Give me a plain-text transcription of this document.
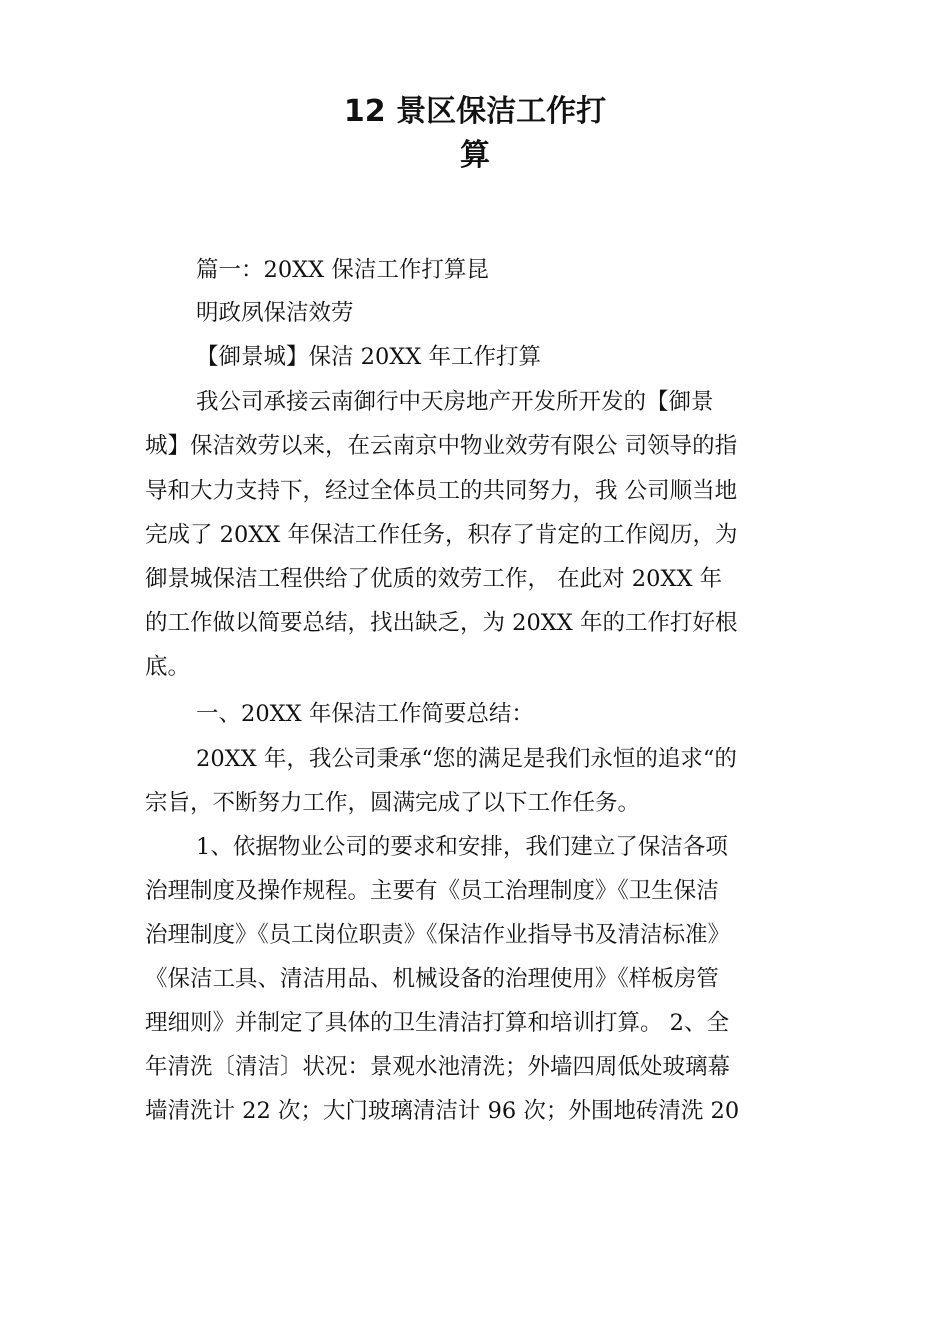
12 景区保洁工作打
算

篇一：20XX 保洁工作打算昆

明政夙保洁效劳

【御景城】保洁 20XX 年工作打算

我公司承接云南御行中天房地产开发所开发的【御景

城】保洁效劳以来，在云南京中物业效劳有限公 司领导的指

导和大力支持下，经过全体员工的共同努力，我 公司顺当地

完成了 20XX 年保洁工作任务，积存了肯定的工作阅历，为

御景城保洁工程供给了优质的效劳工作， 在此对 20XX 年

的工作做以简要总结，找出缺乏，为 20XX 年的工作打好根

底。

一、20XX 年保洁工作简要总结：

20XX 年，我公司秉承“您的满足是我们永恒的追求“的

宗旨，不断努力工作，圆满完成了以下工作任务。

1、依据物业公司的要求和安排，我们建立了保洁各项

治理制度及操作规程。主要有《员工治理制度》《卫生保洁

治理制度》《员工岗位职责》《保洁作业指导书及清洁标准》

《保洁工具、清洁用品、机械设备的治理使用》《样板房管

理细则》并制定了具体的卫生清洁打算和培训打算。 2、全

年清洗〔清洁〕状况：景观水池清洗；外墙四周低处玻璃幕

墙清洗计 22 次；大门玻璃清洁计 96 次；外围地砖清洗 20
